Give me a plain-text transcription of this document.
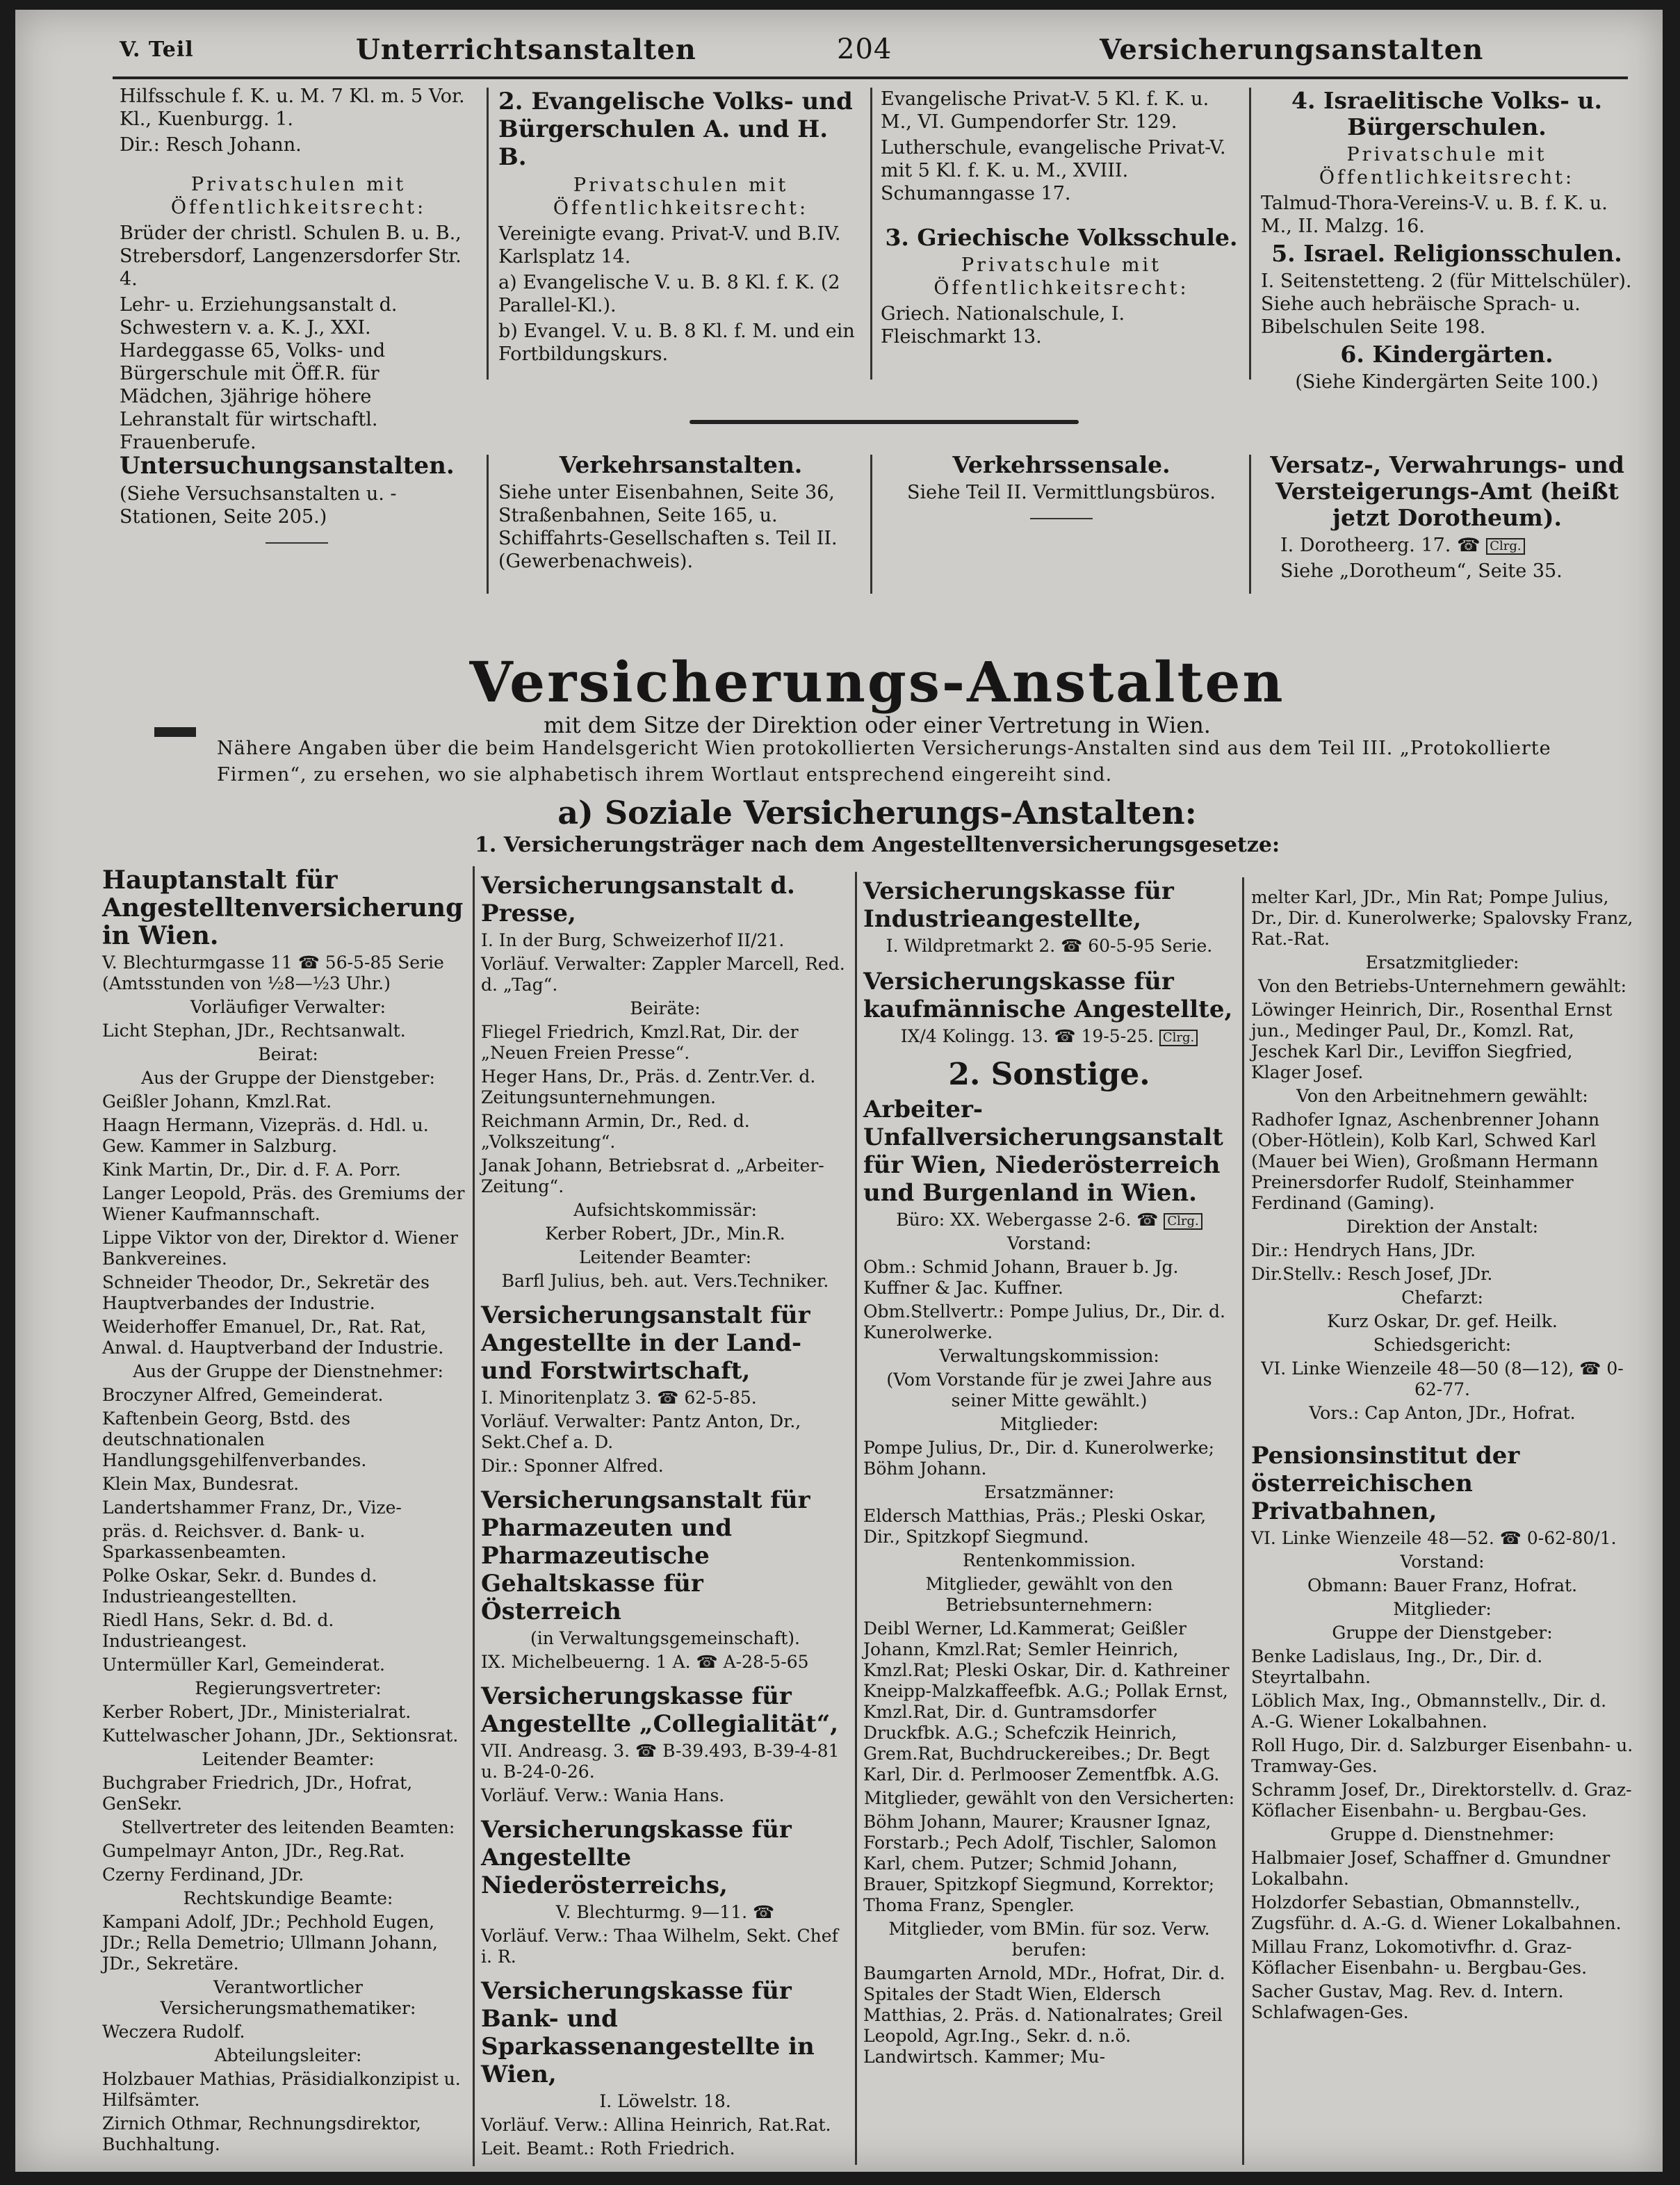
V. Teil	Unterrichtsanstalten	204	Versicherungsanstalten

Hilfsschule f. K. u. M. 7 Kl. m. 5 Vor. Kl., Kuenburgg. 1.

Dir.: Resch Johann.

Privatschulen mit Öffentlichkeitsrecht:

Brüder der christl. Schulen B. u. B., Strebersdorf, Langenzersdorfer Str. 4.

Lehr- u. Erziehungsanstalt d. Schwestern v. a. K. J., XXI. Hardeggasse 65, Volks- und Bürgerschule mit Öff.R. für Mädchen, 3jährige höhere Lehranstalt für wirtschaftl. Frauenberufe.

2. Evangelische Volks- und Bürgerschulen A. und H. B.

Privatschulen mit Öffentlichkeitsrecht:

Vereinigte evang. Privat-V. und B.IV. Karlsplatz 14.

a) Evangelische V. u. B. 8 Kl. f. K. (2 Parallel-Kl.).

b) Evangel. V. u. B. 8 Kl. f. M. und ein Fortbildungskurs.

Evangelische Privat-V. 5 Kl. f. K. u. M., VI. Gumpendorfer Str. 129.

Lutherschule, evangelische Privat-V. mit 5 Kl. f. K. u. M., XVIII. Schumanngasse 17.

3. Griechische Volksschule.

Privatschule mit Öffentlichkeitsrecht:

Griech. Nationalschule, I. Fleischmarkt 13.

4. Israelitische Volks- u. Bürgerschulen.

Privatschule mit Öffentlichkeitsrecht:

Talmud-Thora-Vereins-V. u. B. f. K. u. M., II. Malzg. 16.

5. Israel. Religionsschulen.

I. Seitenstetteng. 2 (für Mittelschüler). Siehe auch hebräische Sprach- u. Bibelschulen Seite 198.

6. Kindergärten.

(Siehe Kindergärten Seite 100.)

Untersuchungsanstalten.

(Siehe Versuchsanstalten u. -Stationen, Seite 205.)

Verkehrsanstalten.

Siehe unter Eisenbahnen, Seite 36, Straßenbahnen, Seite 165, u. Schiffahrts-Gesellschaften s. Teil II. (Gewerbenachweis).

Verkehrssensale.

Siehe Teil II. Vermittlungsbüros.

Versatz-, Verwahrungs- und Versteigerungs-Amt (heißt jetzt Dorotheum).

I. Dorotheerg. 17. ☎ Clrg.

Siehe „Dorotheum“, Seite 35.

Versicherungs-Anstalten
mit dem Sitze der Direktion oder einer Vertretung in Wien.
Nähere Angaben über die beim Handelsgericht Wien protokollierten Versicherungs-Anstalten sind aus dem Teil III. „Protokollierte Firmen“, zu ersehen, wo sie alphabetisch ihrem Wortlaut entsprechend eingereiht sind.
a) Soziale Versicherungs-Anstalten:
1. Versicherungsträger nach dem Angestelltenversicherungsgesetze:

Hauptanstalt für Angestelltenversicherung in Wien.

V. Blechturmgasse 11 ☎ 56-5-85 Serie (Amtsstunden von ½8—½3 Uhr.)

Vorläufiger Verwalter:

Licht Stephan, JDr., Rechtsanwalt.

Beirat:

Aus der Gruppe der Dienstgeber:

Geißler Johann, Kmzl.Rat.

Haagn Hermann, Vizepräs. d. Hdl. u. Gew. Kammer in Salzburg.

Kink Martin, Dr., Dir. d. F. A. Porr.

Langer Leopold, Präs. des Gremiums der Wiener Kaufmannschaft.

Lippe Viktor von der, Direktor d. Wiener Bankvereines.

Schneider Theodor, Dr., Sekretär des Hauptverbandes der Industrie.

Weiderhoffer Emanuel, Dr., Rat. Rat, Anwal. d. Hauptverband der Industrie.

Aus der Gruppe der Dienstnehmer:

Broczyner Alfred, Gemeinderat.

Kaftenbein Georg, Bstd. des deutschnationalen Handlungsgehilfenverbandes.

Klein Max, Bundesrat.

Landertshammer Franz, Dr., Vize-

präs. d. Reichsver. d. Bank- u. Sparkassenbeamten.

Polke Oskar, Sekr. d. Bundes d. Industrieangestellten.

Riedl Hans, Sekr. d. Bd. d. Industrieangest.

Untermüller Karl, Gemeinderat.

Regierungsvertreter:

Kerber Robert, JDr., Ministerialrat.

Kuttelwascher Johann, JDr., Sektionsrat.

Leitender Beamter:

Buchgraber Friedrich, JDr., Hofrat, GenSekr.

Stellvertreter des leitenden Beamten:

Gumpelmayr Anton, JDr., Reg.Rat.

Czerny Ferdinand, JDr.

Rechtskundige Beamte:

Kampani Adolf, JDr.; Pechhold Eugen, JDr.; Rella Demetrio; Ullmann Johann, JDr., Sekretäre.

Verantwortlicher Versicherungsmathematiker:

Weczera Rudolf.

Abteilungsleiter:

Holzbauer Mathias, Präsidialkonzipist u. Hilfsämter.

Zirnich Othmar, Rechnungsdirektor, Buchhaltung.

Versicherungsanstalt d. Presse,

I. In der Burg, Schweizerhof II/21.

Vorläuf. Verwalter: Zappler Marcell, Red. d. „Tag“.

Beiräte:

Fliegel Friedrich, Kmzl.Rat, Dir. der „Neuen Freien Presse“.

Heger Hans, Dr., Präs. d. Zentr.Ver. d. Zeitungsunternehmungen.

Reichmann Armin, Dr., Red. d. „Volkszeitung“.

Janak Johann, Betriebsrat d. „Arbeiter-Zeitung“.

Aufsichtskommissär:

Kerber Robert, JDr., Min.R.

Leitender Beamter:

Barfl Julius, beh. aut. Vers.Techniker.

Versicherungsanstalt für Angestellte in der Land- und Forstwirtschaft,

I. Minoritenplatz 3. ☎ 62-5-85.

Vorläuf. Verwalter: Pantz Anton, Dr., Sekt.Chef a. D.

Dir.: Sponner Alfred.

Versicherungsanstalt für Pharmazeuten und Pharmazeutische Gehaltskasse für Österreich

(in Verwaltungsgemeinschaft).

IX. Michelbeuerng. 1 A. ☎ A-28-5-65

Versicherungskasse für Angestellte „Collegialität“,

VII. Andreasg. 3. ☎ B-39.493, B-39-4-81 u. B-24-0-26.

Vorläuf. Verw.: Wania Hans.

Versicherungskasse für Angestellte Niederösterreichs,

V. Blechturmg. 9—11. ☎

Vorläuf. Verw.: Thaa Wilhelm, Sekt. Chef i. R.

Versicherungskasse für Bank- und Sparkassenangestellte in Wien,

I. Löwelstr. 18.

Vorläuf. Verw.: Allina Heinrich, Rat.Rat.

Leit. Beamt.: Roth Friedrich.

Versicherungskasse für Industrieangestellte,

I. Wildpretmarkt 2. ☎ 60-5-95 Serie.

Versicherungskasse für kaufmännische Angestellte,

IX/4 Kolingg. 13. ☎ 19-5-25. Clrg.

2. Sonstige.

Arbeiter-Unfallversicherungsanstalt für Wien, Niederösterreich und Burgenland in Wien.

Büro: XX. Webergasse 2-6. ☎ Clrg.

Vorstand:

Obm.: Schmid Johann, Brauer b. Jg. Kuffner & Jac. Kuffner.

Obm.Stellvertr.: Pompe Julius, Dr., Dir. d. Kunerolwerke.

Verwaltungskommission:

(Vom Vorstande für je zwei Jahre aus seiner Mitte gewählt.)

Mitglieder:

Pompe Julius, Dr., Dir. d. Kunerolwerke; Böhm Johann.

Ersatzmänner:

Eldersch Matthias, Präs.; Pleski Oskar, Dir., Spitzkopf Siegmund.

Rentenkommission.

Mitglieder, gewählt von den Betriebsunternehmern:

Deibl Werner, Ld.Kammerat; Geißler Johann, Kmzl.Rat; Semler Heinrich, Kmzl.Rat; Pleski Oskar, Dir. d. Kathreiner Kneipp-Malzkaffeefbk. A.G.; Pollak Ernst, Kmzl.Rat, Dir. d. Guntramsdorfer Druckfbk. A.G.; Schefczik Heinrich, Grem.Rat, Buchdruckereibes.; Dr. Begt Karl, Dir. d. Perlmooser Zementfbk. A.G.

Mitglieder, gewählt von den Versicherten:

Böhm Johann, Maurer; Krausner Ignaz, Forstarb.; Pech Adolf, Tischler, Salomon Karl, chem. Putzer; Schmid Johann, Brauer, Spitzkopf Siegmund, Korrektor; Thoma Franz, Spengler.

Mitglieder, vom BMin. für soz. Verw. berufen:

Baumgarten Arnold, MDr., Hofrat, Dir. d. Spitales der Stadt Wien, Eldersch Matthias, 2. Präs. d. Nationalrates; Greil Leopold, Agr.Ing., Sekr. d. n.ö. Landwirtsch. Kammer; Mu-

melter Karl, JDr., Min Rat; Pompe Julius, Dr., Dir. d. Kunerolwerke; Spalovsky Franz, Rat.-Rat.

Ersatzmitglieder:

Von den Betriebs-Unternehmern gewählt:

Löwinger Heinrich, Dir., Rosenthal Ernst jun., Medinger Paul, Dr., Komzl. Rat, Jeschek Karl Dir., Leviffon Siegfried, Klager Josef.

Von den Arbeitnehmern gewählt:

Radhofer Ignaz, Aschenbrenner Johann (Ober-Hötlein), Kolb Karl, Schwed Karl (Mauer bei Wien), Großmann Hermann Preinersdorfer Rudolf, Steinhammer Ferdinand (Gaming).

Direktion der Anstalt:

Dir.: Hendrych Hans, JDr.

Dir.Stellv.: Resch Josef, JDr.

Chefarzt:

Kurz Oskar, Dr. gef. Heilk.

Schiedsgericht:

VI. Linke Wienzeile 48—50 (8—12), ☎ 0-62-77.

Vors.: Cap Anton, JDr., Hofrat.

Pensionsinstitut der österreichischen Privatbahnen,

VI. Linke Wienzeile 48—52. ☎ 0-62-80/1.

Vorstand:

Obmann: Bauer Franz, Hofrat.

Mitglieder:

Gruppe der Dienstgeber:

Benke Ladislaus, Ing., Dr., Dir. d. Steyrtalbahn.

Löblich Max, Ing., Obmannstellv., Dir. d. A.-G. Wiener Lokalbahnen.

Roll Hugo, Dir. d. Salzburger Eisenbahn- u. Tramway-Ges.

Schramm Josef, Dr., Direktorstellv. d. Graz-Köflacher Eisenbahn- u. Bergbau-Ges.

Gruppe d. Dienstnehmer:

Halbmaier Josef, Schaffner d. Gmundner Lokalbahn.

Holzdorfer Sebastian, Obmannstellv., Zugsführ. d. A.-G. d. Wiener Lokalbahnen.

Millau Franz, Lokomotivfhr. d. Graz-Köflacher Eisenbahn- u. Bergbau-Ges.

Sacher Gustav, Mag. Rev. d. Intern. Schlafwagen-Ges.
